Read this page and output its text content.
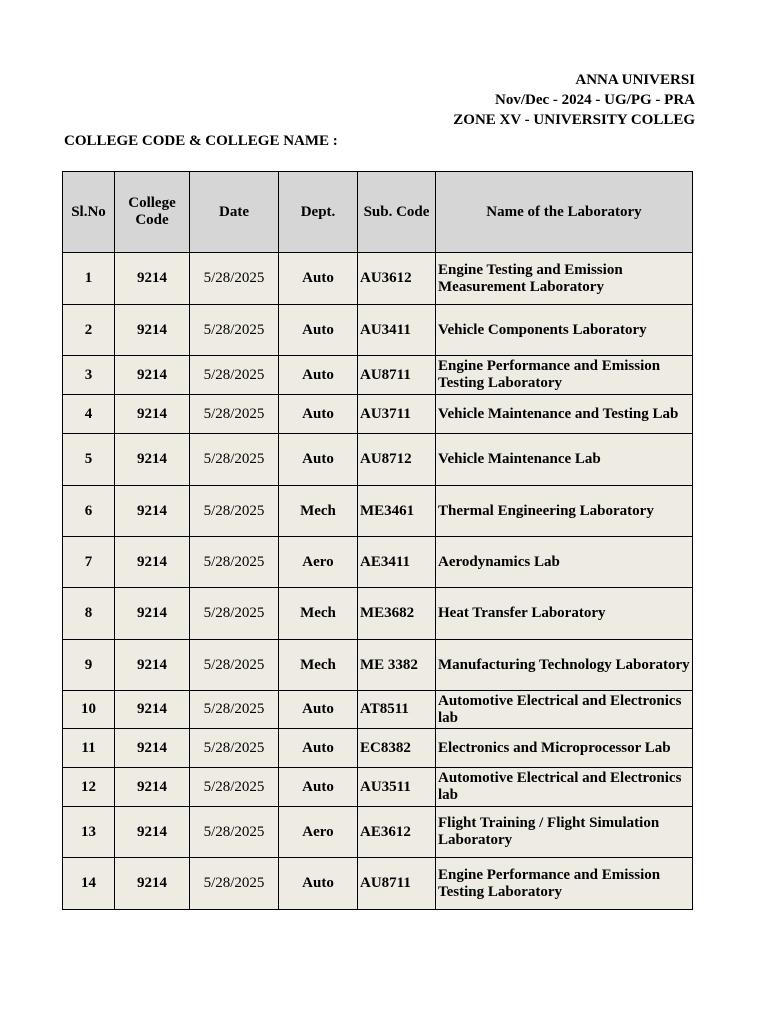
ANNA UNIVERSI
Nov/Dec - 2024 - UG/PG - PRA
ZONE XV - UNIVERSITY COLLEG
COLLEGE CODE & COLLEGE NAME :
Sl.No	College Code	Date	Dept.	Sub. Code	Name of the Laboratory
1	9214	5/28/2025	Auto	AU3612	Engine Testing and Emission Measurement Laboratory
2	9214	5/28/2025	Auto	AU3411	Vehicle Components Laboratory
3	9214	5/28/2025	Auto	AU8711	Engine Performance and Emission Testing Laboratory
4	9214	5/28/2025	Auto	AU3711	Vehicle Maintenance and Testing Lab
5	9214	5/28/2025	Auto	AU8712	Vehicle Maintenance Lab
6	9214	5/28/2025	Mech	ME3461	Thermal Engineering Laboratory
7	9214	5/28/2025	Aero	AE3411	Aerodynamics Lab
8	9214	5/28/2025	Mech	ME3682	Heat Transfer Laboratory
9	9214	5/28/2025	Mech	ME 3382	Manufacturing Technology Laboratory
10	9214	5/28/2025	Auto	AT8511	Automotive Electrical and Electronics lab
11	9214	5/28/2025	Auto	EC8382	Electronics and Microprocessor Lab
12	9214	5/28/2025	Auto	AU3511	Automotive Electrical and Electronics lab
13	9214	5/28/2025	Aero	AE3612	Flight Training / Flight Simulation Laboratory
14	9214	5/28/2025	Auto	AU8711	Engine Performance and Emission Testing Laboratory
